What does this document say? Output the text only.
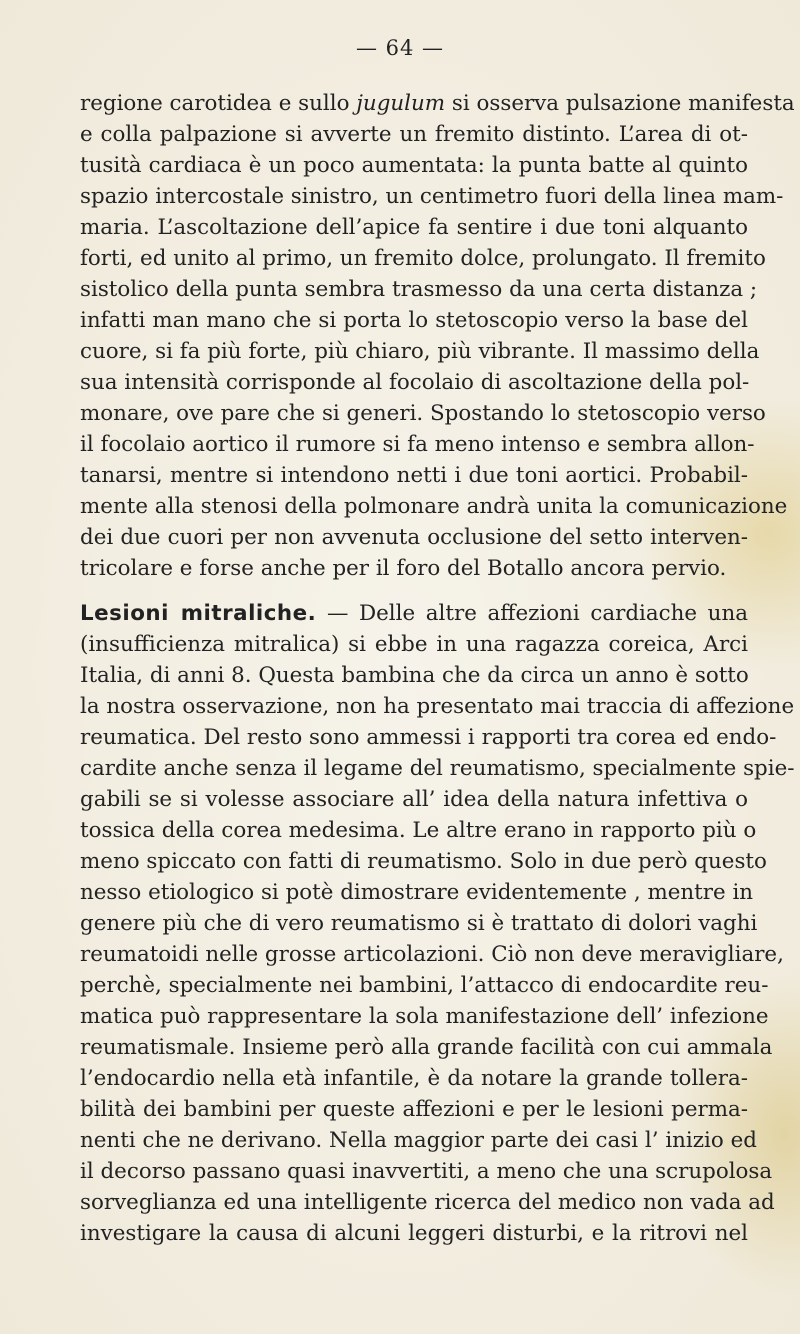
— 64 —
regione carotidea e sullo jugulum si osserva pulsazione manifesta
e colla palpazione si avverte un fremito distinto. L’area di ot-
tusità cardiaca è un poco aumentata: la punta batte al quinto
spazio intercostale sinistro, un centimetro fuori della linea mam-
maria. L’ascoltazione dell’apice fa sentire i due toni alquanto
forti, ed unito al primo, un fremito dolce, prolungato. Il fremito
sistolico della punta sembra trasmesso da una certa distanza ;
infatti man mano che si porta lo stetoscopio verso la base del
cuore, si fa più forte, più chiaro, più vibrante. Il massimo della
sua intensità corrisponde al focolaio di ascoltazione della pol-
monare, ove pare che si generi. Spostando lo stetoscopio verso
il focolaio aortico il rumore si fa meno intenso e sembra allon-
tanarsi, mentre si intendono netti i due toni aortici. Probabil-
mente alla stenosi della polmonare andrà unita la comunicazione
dei due cuori per non avvenuta occlusione del setto interven-
tricolare e forse anche per il foro del Botallo ancora pervio.
Lesioni mitraliche. — Delle altre affezioni cardiache una
(insufficienza mitralica) si ebbe in una ragazza coreica, Arci
Italia, di anni 8. Questa bambina che da circa un anno è sotto
la nostra osservazione, non ha presentato mai traccia di affezione
reumatica. Del resto sono ammessi i rapporti tra corea ed endo-
cardite anche senza il legame del reumatismo, specialmente spie-
gabili se si volesse associare all’ idea della natura infettiva o
tossica della corea medesima. Le altre erano in rapporto più o
meno spiccato con fatti di reumatismo. Solo in due però questo
nesso etiologico si potè dimostrare evidentemente , mentre in
genere più che di vero reumatismo si è trattato di dolori vaghi
reumatoidi nelle grosse articolazioni. Ciò non deve meravigliare,
perchè, specialmente nei bambini, l’attacco di endocardite reu-
matica può rappresentare la sola manifestazione dell’ infezione
reumatismale. Insieme però alla grande facilità con cui ammala
l’endocardio nella età infantile, è da notare la grande tollera-
bilità dei bambini per queste affezioni e per le lesioni perma-
nenti che ne derivano. Nella maggior parte dei casi l’ inizio ed
il decorso passano quasi inavvertiti, a meno che una scrupolosa
sorveglianza ed una intelligente ricerca del medico non vada ad
investigare la causa di alcuni leggeri disturbi, e la ritrovi nel
